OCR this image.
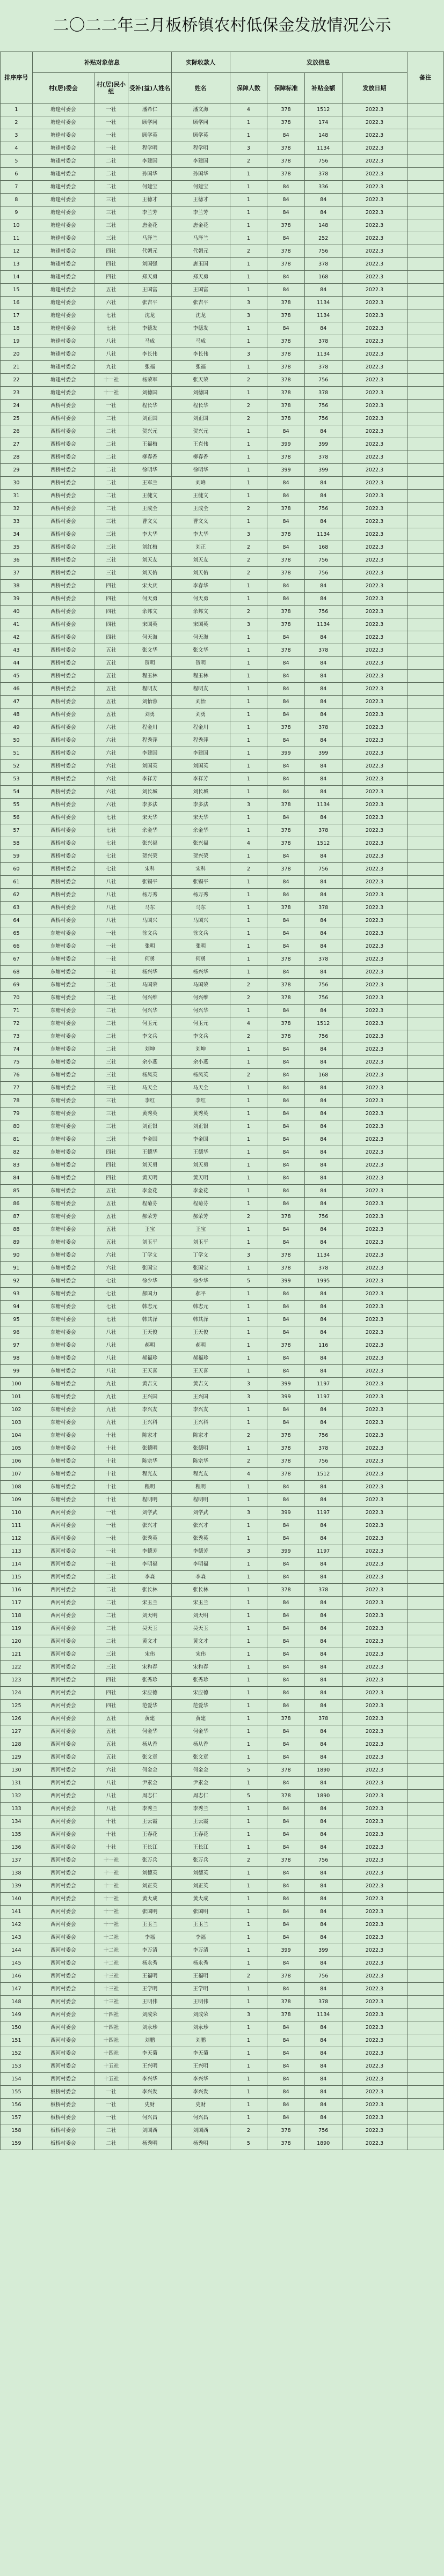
二〇二二年三月板桥镇农村低保金发放情况公示
排序序号	补贴对象信息			实际收款人	发放信息				备注
	村(居)委会	村(居)民小组	受补(益)人姓名	姓名	保障人数	保障标准	补贴金额	发放日期	
1	塘逢村委会	一社	潘希仁	潘文海	4	378	1512	2022.3	
2	塘逢村委会	一社	顾学同	顾学同	1	378	174	2022.3	
3	塘逢村委会	一社	顾学英	顾学英	1	84	148	2022.3	
4	塘逢村委会	一社	程学明	程学明	3	378	1134	2022.3	
5	塘逢村委会	二社	李建国	李建国	2	378	756	2022.3	
6	塘逢村委会	二社	孙国华	孙国华	1	378	378	2022.3	
7	塘逢村委会	二社	何建宝	何建宝	1	84	336	2022.3	
8	塘逢村委会	三社	王德才	王德才	1	84	84	2022.3	
9	塘逢村委会	三社	李兰芳	李兰芳	1	84	84	2022.3	
10	塘逢村委会	三社	唐金花	唐金花	1	378	148	2022.3	
11	塘逢村委会	三社	马泽兰	马泽兰	1	84	252	2022.3	
12	塘逢村委会	四社	代朝元	代朝元	2	378	756	2022.3	
13	塘逢村委会	四社	刘国强	唐玉国	1	378	378	2022.3	
14	塘逢村委会	四社	郑天勇	郑天勇	1	84	168	2022.3	
15	塘逢村委会	五社	王国富	王国富	1	84	84	2022.3	
16	塘逢村委会	六社	张吉平	张吉平	3	378	1134	2022.3	
17	塘逢村委会	七社	沈龙	沈龙	3	378	1134	2022.3	
18	塘逢村委会	七社	李德发	李德发	1	84	84	2022.3	
19	塘逢村委会	八社	马成	马成	1	378	378	2022.3	
20	塘逢村委会	八社	李长伟	李长伟	3	378	1134	2022.3	
21	塘逢村委会	九社	张福	张福	1	378	378	2022.3	
22	塘逢村委会	十一社	杨荣军	张天荣	2	378	756	2022.3	
23	塘逢村委会	十一社	刘德国	刘德国	1	378	378	2022.3	
24	西桥村委会	一社	程长华	程长华	2	378	756	2022.3	
25	西桥村委会	二社	刘正国	刘正国	2	378	756	2022.3	
26	西桥村委会	二社	贺兴元	贺兴元	1	84	84	2022.3	
27	西桥村委会	二社	王福梅	王克伟	1	399	399	2022.3	
28	西桥村委会	二社	柳春香	柳春香	1	378	378	2022.3	
29	西桥村委会	二社	徐明华	徐明华	1	399	399	2022.3	
30	西桥村委会	二社	王军兰	刘峰	1	84	84	2022.3	
31	西桥村委会	二社	王健文	王健文	1	84	84	2022.3	
32	西桥村委会	二社	王成全	王成全	2	378	756	2022.3	
33	西桥村委会	三社	曹文义	曹文义	1	84	84	2022.3	
34	西桥村委会	三社	李大华	李大华	3	378	1134	2022.3	
35	西桥村委会	三社	刘红梅	刘正	2	84	168	2022.3	
36	西桥村委会	三社	刘天友	刘天友	2	378	756	2022.3	
37	西桥村委会	三社	刘天佑	刘天佑	2	378	756	2022.3	
38	西桥村委会	四社	宋大庆	李春华	1	84	84	2022.3	
39	西桥村委会	四社	何天勇	何天勇	1	84	84	2022.3	
40	西桥村委会	四社	余邦文	余邦文	2	378	756	2022.3	
41	西桥村委会	四社	宋国英	宋国英	3	378	1134	2022.3	
42	西桥村委会	四社	何天海	何天海	1	84	84	2022.3	
43	西桥村委会	五社	张文华	张文华	1	378	378	2022.3	
44	西桥村委会	五社	贺明	贺明	1	84	84	2022.3	
45	西桥村委会	五社	程玉林	程玉林	1	84	84	2022.3	
46	西桥村委会	五社	程明友	程明友	1	84	84	2022.3	
47	西桥村委会	五社	刘怡蓉	刘怡	1	84	84	2022.3	
48	西桥村委会	五社	刘勇	刘勇	1	84	84	2022.3	
49	西桥村委会	六社	程金川	程金川	1	378	378	2022.3	
50	西桥村委会	六社	程秀萍	程秀萍	1	84	84	2022.3	
51	西桥村委会	六社	李建国	李建国	1	399	399	2022.3	
52	西桥村委会	六社	刘国英	刘国英	1	84	84	2022.3	
53	西桥村委会	六社	李祥芳	李祥芳	1	84	84	2022.3	
54	西桥村委会	六社	刘长城	刘长城	1	84	84	2022.3	
55	西桥村委会	六社	李多法	李多法	3	378	1134	2022.3	
56	西桥村委会	七社	宋天华	宋天华	1	84	84	2022.3	
57	西桥村委会	七社	余金华	余金华	1	378	378	2022.3	
58	西桥村委会	七社	张兴福	张兴福	4	378	1512	2022.3	
59	西桥村委会	七社	贺兴荣	贺兴荣	1	84	84	2022.3	
60	西桥村委会	七社	宋科	宋科	2	378	756	2022.3	
61	西桥村委会	八社	张锡平	张锡平	1	84	84	2022.3	
62	西桥村委会	八社	杨万秀	杨万秀	1	84	84	2022.3	
63	西桥村委会	八社	马东	马东	1	378	378	2022.3	
64	西桥村委会	八社	马国兴	马国兴	1	84	84	2022.3	
65	东塘村委会	一社	徐文兵	徐文兵	1	84	84	2022.3	
66	东塘村委会	一社	张明	张明	1	84	84	2022.3	
67	东塘村委会	一社	何勇	何勇	1	378	378	2022.3	
68	东塘村委会	一社	杨兴华	杨兴华	1	84	84	2022.3	
69	东塘村委会	二社	马国荣	马国荣	2	378	756	2022.3	
70	东塘村委会	二社	何兴维	何兴维	2	378	756	2022.3	
71	东塘村委会	二社	何兴华	何兴华	1	84	84	2022.3	
72	东塘村委会	二社	何玉元	何玉元	4	378	1512	2022.3	
73	东塘村委会	二社	李文兵	李文兵	2	378	756	2022.3	
74	东塘村委会	二社	刘坤	刘坤	1	84	84	2022.3	
75	东塘村委会	三社	余小燕	余小燕	1	84	84	2022.3	
76	东塘村委会	三社	杨凤英	杨凤英	2	84	168	2022.3	
77	东塘村委会	三社	马天全	马天全	1	84	84	2022.3	
78	东塘村委会	三社	李红	李红	1	84	84	2022.3	
79	东塘村委会	三社	黄秀英	黄秀英	1	84	84	2022.3	
80	东塘村委会	三社	刘正银	刘正银	1	84	84	2022.3	
81	东塘村委会	三社	李金国	李金国	1	84	84	2022.3	
82	东塘村委会	四社	王德华	王德华	1	84	84	2022.3	
83	东塘村委会	四社	刘天勇	刘天勇	1	84	84	2022.3	
84	东塘村委会	四社	黄天明	黄天明	1	84	84	2022.3	
85	东塘村委会	五社	李金花	李金花	1	84	84	2022.3	
86	东塘村委会	五社	程菊芬	程菊芬	1	84	84	2022.3	
87	东塘村委会	五社	郝荣芳	郝荣芳	2	378	756	2022.3	
88	东塘村委会	五社	王宝	王宝	1	84	84	2022.3	
89	东塘村委会	五社	刘玉平	刘玉平	1	84	84	2022.3	
90	东塘村委会	六社	丁学文	丁学文	3	378	1134	2022.3	
91	东塘村委会	六社	张国宝	张国宝	1	378	378	2022.3	
92	东塘村委会	七社	徐少华	徐少华	5	399	1995	2022.3	
93	东塘村委会	七社	郝国力	郝平	1	84	84	2022.3	
94	东塘村委会	七社	韩志元	韩志元	1	84	84	2022.3	
95	东塘村委会	七社	韩其泽	韩其泽	1	84	84	2022.3	
96	东塘村委会	八社	王天俊	王天俊	1	84	84	2022.3	
97	东塘村委会	八社	郝明	郝明	1	378	116	2022.3	
98	东塘村委会	八社	郝福珍	郝福珍	1	84	84	2022.3	
99	东塘村委会	八社	王天喜	王天喜	1	84	84	2022.3	
100	东塘村委会	九社	黄吉文	黄吉文	3	399	1197	2022.3	
101	东塘村委会	九社	王兴国	王兴国	3	399	1197	2022.3	
102	东塘村委会	九社	李兴友	李兴友	1	84	84	2022.3	
103	东塘村委会	九社	王兴科	王兴科	1	84	84	2022.3	
104	东塘村委会	十社	陈家才	陈家才	2	378	756	2022.3	
105	东塘村委会	十社	张德明	张德明	1	378	378	2022.3	
106	东塘村委会	十社	陈宗华	陈宗华	2	378	756	2022.3	
107	东塘村委会	十社	程光友	程光友	4	378	1512	2022.3	
108	东塘村委会	十社	程明	程明	1	84	84	2022.3	
109	东塘村委会	十社	程明明	程明明	1	84	84	2022.3	
110	西河村委会	一社	刘学武	刘学武	3	399	1197	2022.3	
111	西河村委会	一社	张兴才	张兴才	1	84	84	2022.3	
112	西河村委会	一社	张秀英	张秀英	1	84	84	2022.3	
113	西河村委会	一社	李德芳	李德芳	3	399	1197	2022.3	
114	西河村委会	一社	李明福	李明福	1	84	84	2022.3	
115	西河村委会	二社	李森	李森	1	84	84	2022.3	
116	西河村委会	二社	张长林	张长林	1	378	378	2022.3	
117	西河村委会	二社	宋玉兰	宋玉兰	1	84	84	2022.3	
118	西河村委会	二社	刘天明	刘天明	1	84	84	2022.3	
119	西河村委会	二社	吴天玉	吴天玉	1	84	84	2022.3	
120	西河村委会	二社	黄文才	黄文才	1	84	84	2022.3	
121	西河村委会	三社	宋伟	宋伟	1	84	84	2022.3	
122	西河村委会	三社	宋和春	宋和春	1	84	84	2022.3	
123	西河村委会	四社	张秀珍	张秀珍	1	84	84	2022.3	
124	西河村委会	四社	宋应德	宋应德	1	84	84	2022.3	
125	西河村委会	四社	范爱华	范爱华	1	84	84	2022.3	
126	西河村委会	五社	黄建	黄建	1	378	378	2022.3	
127	西河村委会	五社	何金华	何金华	1	84	84	2022.3	
128	西河村委会	五社	杨从香	杨从香	1	84	84	2022.3	
129	西河村委会	五社	张文章	张文章	1	84	84	2022.3	
130	西河村委会	六社	何金金	何金金	5	378	1890	2022.3	
131	西河村委会	八社	尹素金	尹素金	1	84	84	2022.3	
132	西河村委会	八社	周志仁	周志仁	5	378	1890	2022.3	
133	西河村委会	八社	李秀兰	李秀兰	1	84	84	2022.3	
134	西河村委会	十社	王云霞	王云霞	1	84	84	2022.3	
135	西河村委会	十社	王春花	王春花	1	84	84	2022.3	
136	西河村委会	十社	王长江	王长江	1	84	84	2022.3	
137	西河村委会	十一社	张万兵	张万兵	2	378	756	2022.3	
138	西河村委会	十一社	刘德英	刘德英	1	84	84	2022.3	
139	西河村委会	十一社	刘正英	刘正英	1	84	84	2022.3	
140	西河村委会	十一社	黄大成	黄大成	1	84	84	2022.3	
141	西河村委会	十一社	张国明	张国明	1	84	84	2022.3	
142	西河村委会	十一社	王玉兰	王玉兰	1	84	84	2022.3	
143	西河村委会	十二社	李福	李福	1	84	84	2022.3	
144	西河村委会	十二社	李万清	李万清	1	399	399	2022.3	
145	西河村委会	十二社	杨永秀	杨永秀	1	84	84	2022.3	
146	西河村委会	十三社	王福明	王福明	2	378	756	2022.3	
147	西河村委会	十三社	王学明	王学明	1	84	84	2022.3	
148	西河村委会	十三社	王明伟	王明伟	1	378	378	2022.3	
149	西河村委会	十四社	刘成荣	刘成荣	3	378	1134	2022.3	
150	西河村委会	十四社	刘永珍	刘永珍	1	84	84	2022.3	
151	西河村委会	十四社	刘鹏	刘鹏	1	84	84	2022.3	
152	西河村委会	十四社	李天菊	李天菊	1	84	84	2022.3	
153	西河村委会	十五社	王兴明	王兴明	1	84	84	2022.3	
154	西河村委会	十五社	李兴华	李兴华	1	84	84	2022.3	
155	板桥村委会	一社	李兴发	李兴发	1	84	84	2022.3	
156	板桥村委会	一社	史财	史财	1	84	84	2022.3	
157	板桥村委会	一社	何兴昌	何兴昌	1	84	84	2022.3	
158	板桥村委会	二社	刘国西	刘国西	2	378	756	2022.3	
159	板桥村委会	二社	杨秀明	杨秀明	5	378	1890	2022.3	
